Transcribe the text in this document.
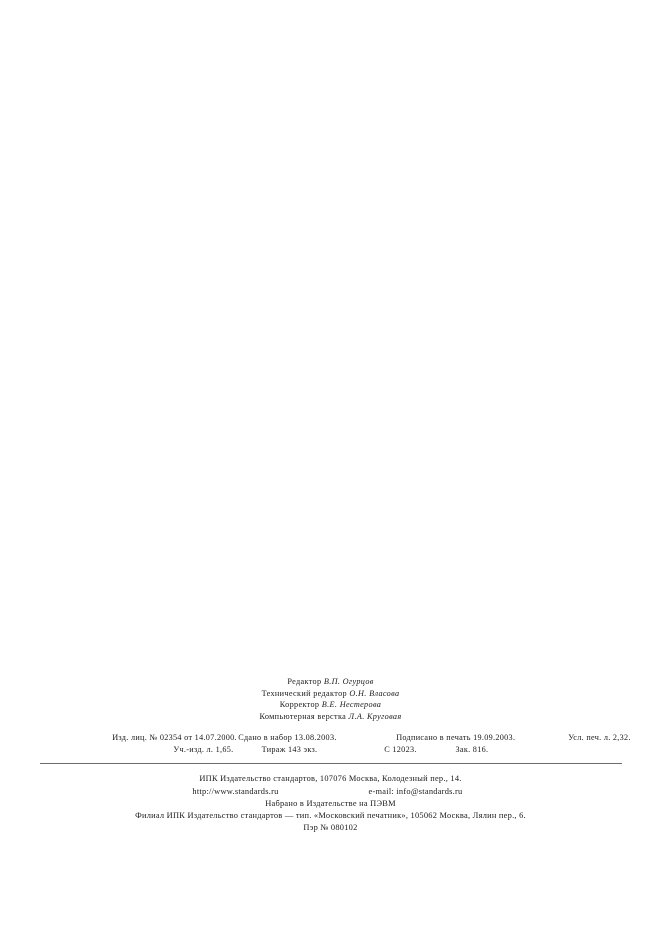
Редактор В.П. Огурцов
Технический редактор О.Н. Власова
Корректор В.Е. Нестерова
Компьютерная верстка Л.А. Круговая
Изд. лиц. № 02354 от 14.07.2000. Сдано в набор 13.08.2003.	Подписано в печать 19.09.2003.	Усл. печ. л. 2,32.
Уч.-изд. л. 1,65.	Тираж 143 экз.	С 12023.	Зак. 816.
ИПК Издательство стандартов, 107076 Москва, Колодезный пер., 14.
http://www.standards.ru	e-mail: info@standards.ru
Набрано в Издательстве на ПЭВМ
Филиал ИПК Издательство стандартов — тип. «Московский печатник», 105062 Москва, Лялин пер., 6.
Пэр № 080102
